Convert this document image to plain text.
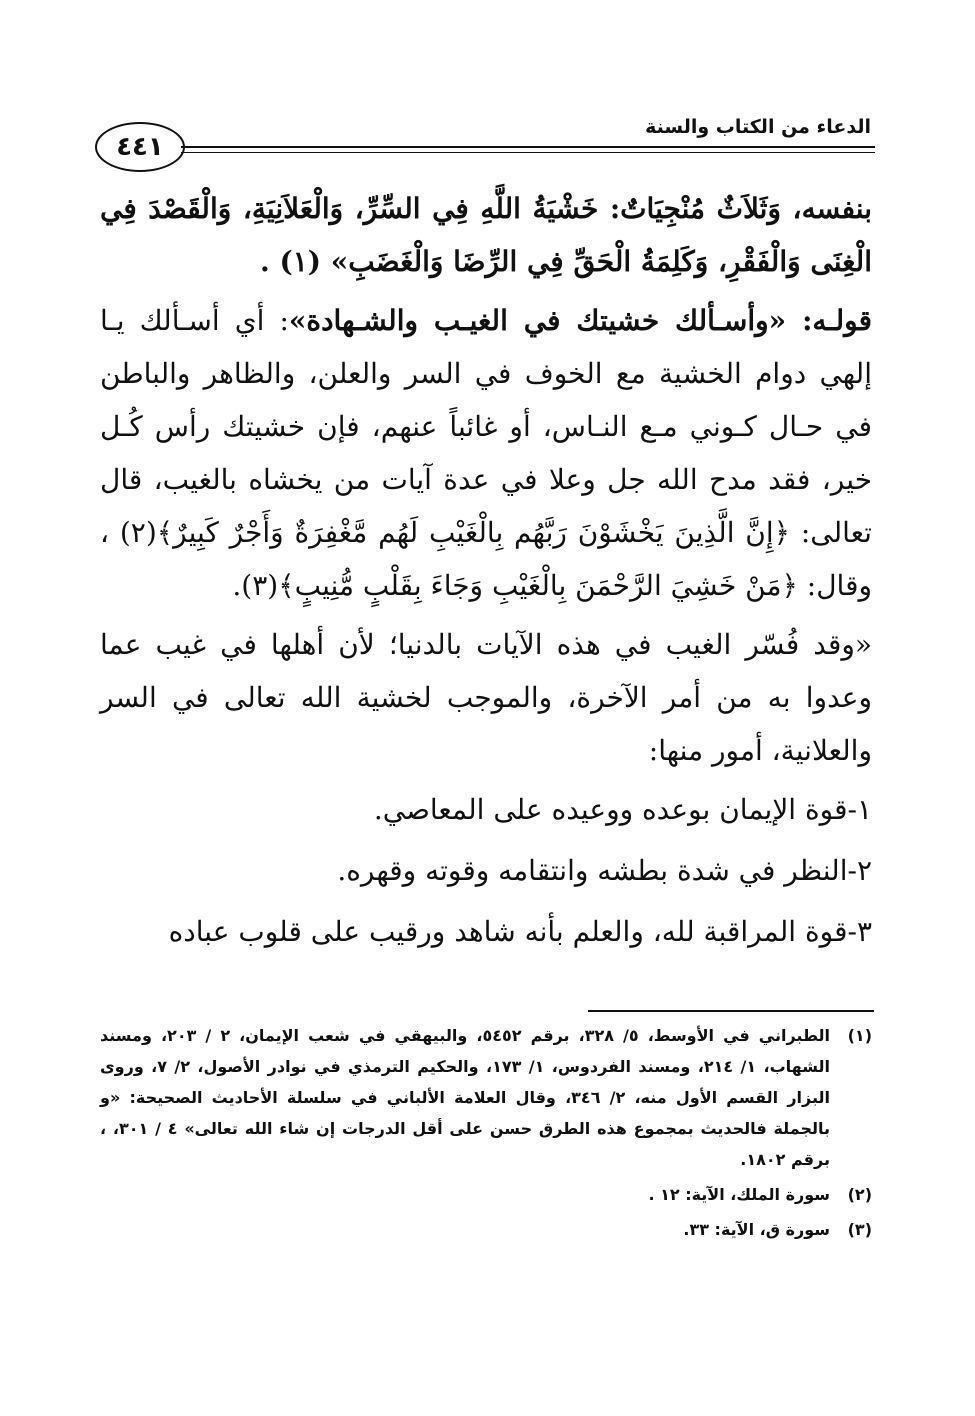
٤٤١
الدعاء من الكتاب والسنة

بنفسه، وَثَلاَثٌ مُنْجِيَاتٌ: خَشْيَةُ اللَّهِ فِي السِّرِّ، وَالْعَلاَنِيَةِ، وَالْقَصْدَ فِي الْغِنَى وَالْفَقْرِ، وَكَلِمَةُ الْحَقِّ فِي الرِّضَا وَالْغَضَبِ» (١) .

قولـه: «وأسـألك خشيتك في الغيـب والشـهادة»: أي أسـألك يـا إلهي دوام الخشية مع الخوف في السر والعلن، والظاهر والباطن في حـال كـوني مـع النـاس، أو غائباً عنهم، فإن خشيتك رأس كُـل خير، فقد مدح الله جل وعلا في عدة آيات من يخشاه بالغيب، قال تعالى: ﴿إِنَّ الَّذِينَ يَخْشَوْنَ رَبَّهُم بِالْغَيْبِ لَهُم مَّغْفِرَةٌ وَأَجْرٌ كَبِيرٌ﴾(٢) ، وقال: ﴿مَنْ خَشِيَ الرَّحْمَنَ بِالْغَيْبِ وَجَاءَ بِقَلْبٍ مُّنِيبٍ﴾(٣).

«وقد فُسّر الغيب في هذه الآيات بالدنيا؛ لأن أهلها في غيب عما وعدوا به من أمر الآخرة، والموجب لخشية الله تعالى في السر والعلانية، أمور منها:

١-قوة الإيمان بوعده ووعيده على المعاصي.

٢-النظر في شدة بطشه وانتقامه وقوته وقهره.

٣-قوة المراقبة لله، والعلم بأنه شاهد ورقيب على قلوب عباده

(١)
الطبراني في الأوسط، ٥/ ٣٢٨، برقم ٥٤٥٢، والبيهقي في شعب الإيمان، ٢ / ٢٠٣، ومسند الشهاب، ١/ ٢١٤، ومسند الفردوس، ١/ ١٧٣، والحكيم الترمذي في نوادر الأصول، ٢/ ٧، وروى البزار القسم الأول منه، ٢/ ٣٤٦، وقال العلامة الألباني في سلسلة الأحاديث الصحيحة: «و بالجملة فالحديث بمجموع هذه الطرق حسن على أقل الدرجات إن شاء الله تعالى» ٤ / ٣٠١، ، برقم ١٨٠٢.
(٢)
سورة الملك، الآية: ١٢ .
(٣)
سورة ق، الآية: ٣٣.
